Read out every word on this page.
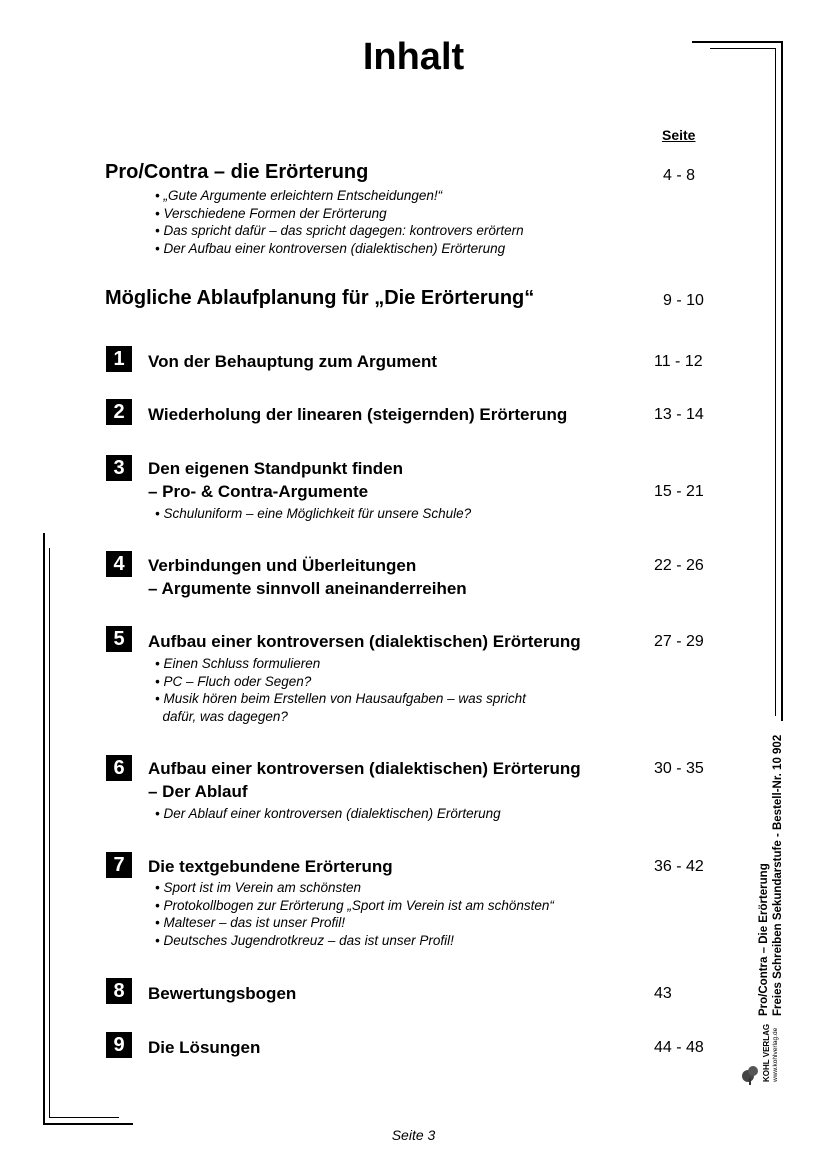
Inhalt
Seite
Pro/Contra – die Erörterung	4 - 8
• „Gute Argumente erleichtern Entscheidungen!“
• Verschiedene Formen der Erörterung
• Das spricht dafür – das spricht dagegen: kontrovers erörtern
• Der Aufbau einer kontroversen (dialektischen) Erörterung
Mögliche Ablaufplanung für „Die Erörterung“	9 - 10
1	Von der Behauptung zum Argument	11 - 12
2	Wiederholung der linearen (steigernden) Erörterung	13 - 14
3	Den eigenen Standpunkt finden
– Pro- & Contra-Argumente	15 - 21
• Schuluniform – eine Möglichkeit für unsere Schule?
4	Verbindungen und Überleitungen
– Argumente sinnvoll aneinanderreihen
22 - 26
5	Aufbau einer kontroversen (dialektischen) Erörterung	27 - 29
• Einen Schluss formulieren
• PC – Fluch oder Segen?
• Musik hören beim Erstellen von Hausaufgaben – was spricht
dafür, was dagegen?
6	Aufbau einer kontroversen (dialektischen) Erörterung
– Der Ablauf
30 - 35
• Der Ablauf einer kontroversen (dialektischen) Erörterung
7	Die textgebundene Erörterung	36 - 42
• Sport ist im Verein am schönsten
• Protokollbogen zur Erörterung „Sport im Verein ist am schönsten“
• Malteser – das ist unser Profil!
• Deutsches Jugendrotkreuz – das ist unser Profil!
8	Bewertungsbogen	43
9	Die Lösungen	44 - 48
Pro/Contra – Die Erörterung Freies Schreiben Sekundarstufe - Bestell-Nr. 10 902
KOHL VERLAG www.kohlverlag.de
Seite 3
